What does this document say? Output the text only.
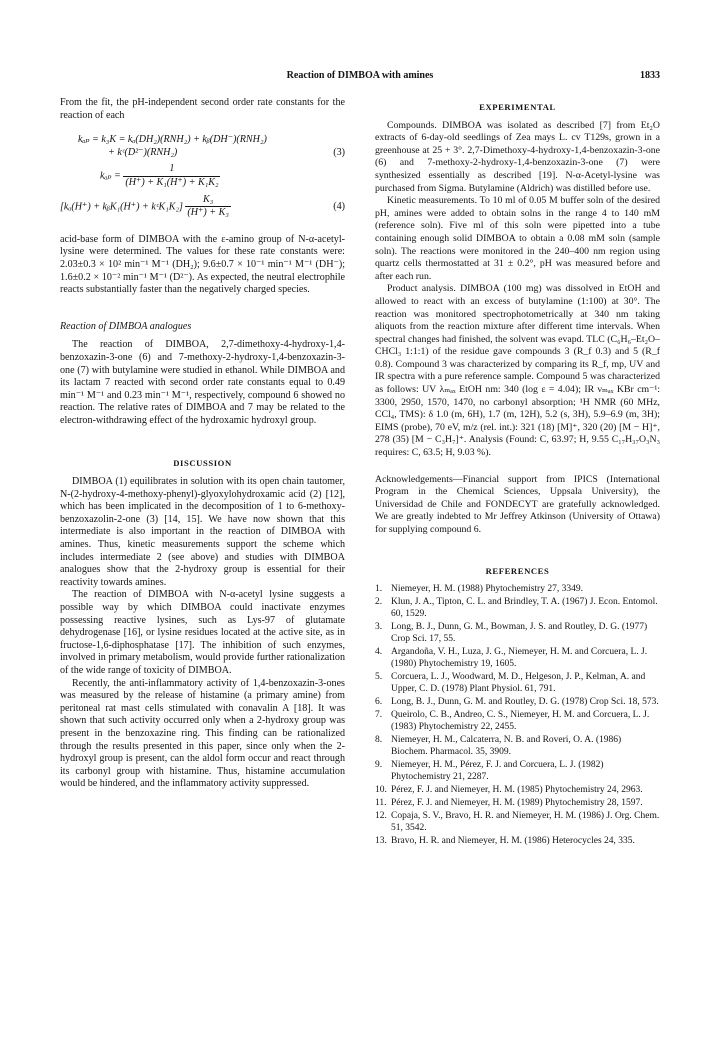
Reaction of DIMBOA with amines	1833

From the fit, the pH-independent second order rate constants for the reaction of each

kₐₚ = k₃K = kₐ(DH₂)(RNH₂) + kᵦ(DH⁻)(RNH₂)
+ kᶜ(D²⁻)(RNH₂)	(3)
$k_{ap} = \frac{1}{\text{(H⁺) + K₁(H⁺) + K₁K₂}}$
[kₐ(H⁺) + kᵦK₁(H⁺) + kᶜK₁K₂] $\frac{\text{K₃}}{\text{(H⁺) + K₃}}$	(4)

acid-base form of DIMBOA with the ε-amino group of N-α-acetyl-lysine were determined. The values for these rate constants were: 2.03±0.3 × 10² min⁻¹ M⁻¹ (DH₂); 9.6±0.7 × 10⁻¹ min⁻¹ M⁻¹ (DH⁻); 1.6±0.2 × 10⁻² min⁻¹ M⁻¹ (D²⁻). As expected, the neutral electrophile reacts substantially faster than the negatively charged species.

Reaction of DIMBOA analogues

The reaction of DIMBOA, 2,7-dimethoxy-4-hydroxy-1,4-benzoxazin-3-one (6) and 7-methoxy-2-hydroxy-1,4-benzoxazin-3-one (7) with butylamine were studied in ethanol. While DIMBOA and its lactam 7 reacted with second order rate constants equal to 0.49 min⁻¹ M⁻¹ and 0.23 min⁻¹ M⁻¹, respectively, compound 6 showed no reaction. The relative rates of DIMBOA and 7 may be related to the electron-withdrawing effect of the hydroxamic hydroxyl group.

DISCUSSION

DIMBOA (1) equilibrates in solution with its open chain tautomer, N-(2-hydroxy-4-methoxy-phenyl)-glyoxylohydroxamic acid (2) [12], which has been implicated in the decomposition of 1 to 6-methoxy-benzoxazolin-2-one (3) [14, 15]. We have now shown that this intermediate is also important in the reaction of DIMBOA with amines. Thus, kinetic measurements support the scheme which includes intermediate 2 (see above) and studies with DIMBOA analogues show that the 2-hydroxy group is essential for their reactivity towards amines.

The reaction of DIMBOA with N-α-acetyl lysine suggests a possible way by which DIMBOA could inactivate enzymes possessing reactive lysines, such as Lys-97 of glutamate dehydrogenase [16], or lysine residues located at the active site, as in fructose-1,6-diphosphatase [17]. The inhibition of such enzymes, involved in primary metabolism, would provide further rationalization of the wide range of toxicity of DIMBOA.

Recently, the anti-inflammatory activity of 1,4-benzoxazin-3-ones was measured by the release of histamine (a primary amine) from peritoneal rat mast cells stimulated with conavalin A [18]. It was shown that such activity occurred only when a 2-hydroxy group was present in the benzoxazine ring. This finding can be rationalized through the results presented in this paper, since only when the 2-hydroxyl group is present, can the aldol form occur and react through its carbonyl group with histamine. Thus, histamine accumulation would be hindered, and the inflammatory activity suppressed.

EXPERIMENTAL

Compounds. DIMBOA was isolated as described [7] from Et₂O extracts of 6-day-old seedlings of Zea mays L. cv T129s, grown in a greenhouse at 25 + 3°. 2,7-Dimethoxy-4-hydroxy-1,4-benzoxazin-3-one (6) and 7-methoxy-2-hydroxy-1,4-benzoxazin-3-one (7) were synthesized essentially as described [19]. N-α-Acetyl-lysine was purchased from Sigma. Butylamine (Aldrich) was distilled before use.

Kinetic measurements. To 10 ml of 0.05 M buffer soln of the desired pH, amines were added to obtain solns in the range 4 to 140 mM (reference soln). Five ml of this soln were pipetted into a tube containing enough solid DIMBOA to obtain a 0.08 mM soln (sample soln). The reactions were monitored in the 240–400 nm region using quartz cells thermostatted at 31 ± 0.2°, pH was measured before and after each run.

Product analysis. DIMBOA (100 mg) was dissolved in EtOH and allowed to react with an excess of butylamine (1:100) at 30°. The reaction was monitored spectrophotometrically at 340 nm taking aliquots from the reaction mixture after different time intervals. When spectral changes had finished, the solvent was evapd. TLC (C₆H₆–Et₂O–CHCl₃ 1:1:1) of the residue gave compounds 3 (R_f 0.3) and 5 (R_f 0.8). Compound 3 was characterized by comparing its R_f, mp, UV and IR spectra with a pure reference sample. Compound 5 was characterized as follows: UV λₘₐₓ EtOH nm: 340 (log ε = 4.04); IR νₘₐₓ KBr cm⁻¹: 3300, 2950, 1570, 1470, no carbonyl absorption; ¹H NMR (60 MHz, CCl₄, TMS): δ 1.0 (m, 6H), 1.7 (m, 12H), 5.2 (s, 3H), 5.9–6.9 (m, 3H); EIMS (probe), 70 eV, m/z (rel. int.): 321 (18) [M]⁺, 320 (20) [M − H]⁺, 278 (35) [M − C₃H₇]⁺. Analysis (Found: C, 63.97; H, 9.55 C₁₇H₃₇O₃N₃ requires: C, 63.5; H, 9.03 %).

Acknowledgements—Financial support from IPICS (International Program in the Chemical Sciences, Uppsala University), the Universidad de Chile and FONDECYT are gratefully acknowledged. We are greatly indebted to Mr Jeffrey Atkinson (University of Ottawa) for supplying compound 6.

REFERENCES
1. Niemeyer, H. M. (1988) Phytochemistry 27, 3349.
2. Klun, J. A., Tipton, C. L. and Brindley, T. A. (1967) J. Econ. Entomol. 60, 1529.
3. Long, B. J., Dunn, G. M., Bowman, J. S. and Routley, D. G. (1977) Crop Sci. 17, 55.
4. Argandoña, V. H., Luza, J. G., Niemeyer, H. M. and Corcuera, L. J. (1980) Phytochemistry 19, 1605.
5. Corcuera, L. J., Woodward, M. D., Helgeson, J. P., Kelman, A. and Upper, C. D. (1978) Plant Physiol. 61, 791.
6. Long, B. J., Dunn, G. M. and Routley, D. G. (1978) Crop Sci. 18, 573.
7. Queirolo, C. B., Andreo, C. S., Niemeyer, H. M. and Corcuera, L. J. (1983) Phytochemistry 22, 2455.
8. Niemeyer, H. M., Calcaterra, N. B. and Roveri, O. A. (1986) Biochem. Pharmacol. 35, 3909.
9. Niemeyer, H. M., Pérez, F. J. and Corcuera, L. J. (1982) Phytochemistry 21, 2287.
10. Pérez, F. J. and Niemeyer, H. M. (1985) Phytochemistry 24, 2963.
11. Pérez, F. J. and Niemeyer, H. M. (1989) Phytochemistry 28, 1597.
12. Copaja, S. V., Bravo, H. R. and Niemeyer, H. M. (1986) J. Org. Chem. 51, 3542.
13. Bravo, H. R. and Niemeyer, H. M. (1986) Heterocycles 24, 335.
